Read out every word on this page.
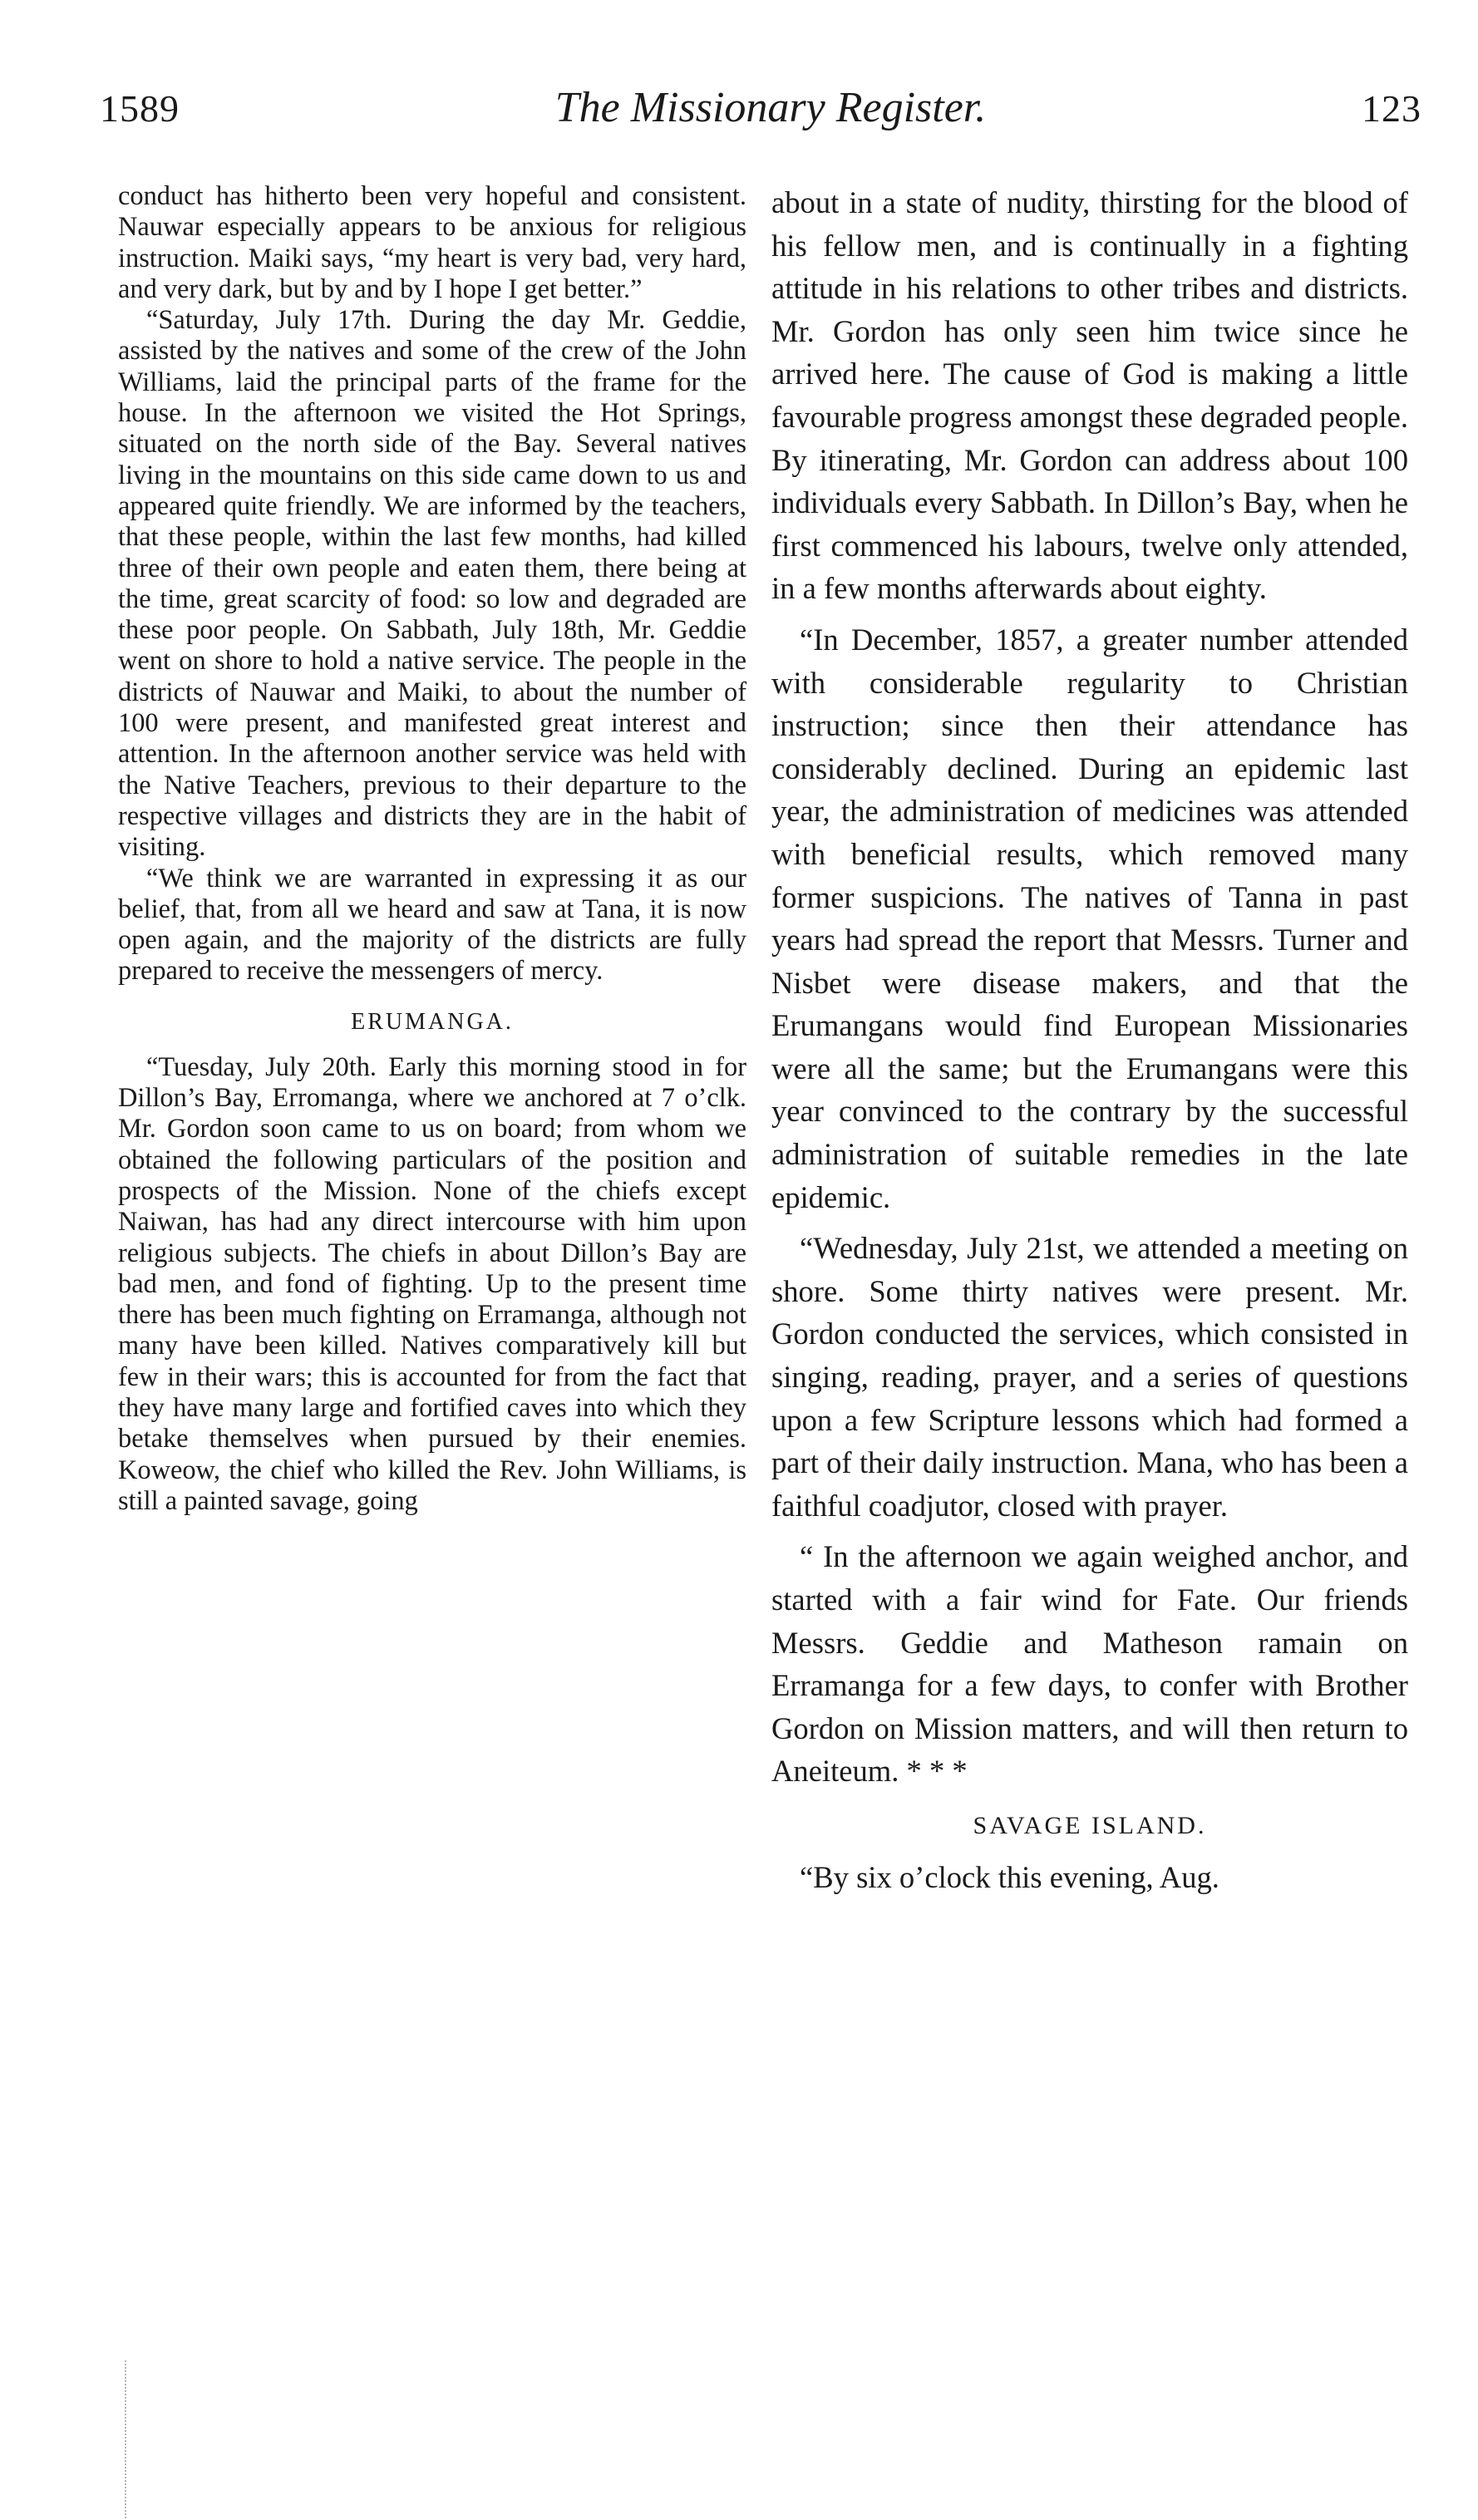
1589	The Missionary Register.	123

conduct has hitherto been very hopeful and consistent. Nauwar especially appears to be anxious for religious instruction. Maiki says, “my heart is very bad, very hard, and very dark, but by and by I hope I get better.”

“Saturday, July 17th. During the day Mr. Geddie, assisted by the natives and some of the crew of the John Williams, laid the principal parts of the frame for the house. In the afternoon we visited the Hot Springs, situated on the north side of the Bay. Several natives living in the mountains on this side came down to us and appeared quite friendly. We are informed by the teachers, that these people, within the last few months, had killed three of their own people and eaten them, there being at the time, great scarcity of food: so low and degraded are these poor people. On Sabbath, July 18th, Mr. Geddie went on shore to hold a native service. The people in the districts of Nauwar and Maiki, to about the number of 100 were present, and manifested great interest and attention. In the afternoon another service was held with the Native Teachers, previous to their departure to the respective villages and districts they are in the habit of visiting.

“We think we are warranted in expressing it as our belief, that, from all we heard and saw at Tana, it is now open again, and the majority of the districts are fully prepared to receive the messengers of mercy.

ERUMANGA.

“Tuesday, July 20th. Early this morning stood in for Dillon’s Bay, Erromanga, where we anchored at 7 o’clk. Mr. Gordon soon came to us on board; from whom we obtained the following particulars of the position and prospects of the Mission. None of the chiefs except Naiwan, has had any direct intercourse with him upon religious subjects. The chiefs in about Dillon’s Bay are bad men, and fond of fighting. Up to the present time there has been much fighting on Erramanga, although not many have been killed. Natives comparatively kill but few in their wars; this is accounted for from the fact that they have many large and fortified caves into which they betake themselves when pursued by their enemies. Koweow, the chief who killed the Rev. John Williams, is still a painted savage, going

about in a state of nudity, thirsting for the blood of his fellow men, and is continually in a fighting attitude in his relations to other tribes and districts. Mr. Gordon has only seen him twice since he arrived here. The cause of God is making a little favourable progress amongst these degraded people. By itinerating, Mr. Gordon can address about 100 individuals every Sabbath. In Dillon’s Bay, when he first commenced his labours, twelve only attended, in a few months afterwards about eighty.

“In December, 1857, a greater number attended with considerable regularity to Christian instruction; since then their attendance has considerably declined. During an epidemic last year, the administration of medicines was attended with beneficial results, which removed many former suspicions. The natives of Tanna in past years had spread the report that Messrs. Turner and Nisbet were disease makers, and that the Erumangans would find European Missionaries were all the same; but the Erumangans were this year convinced to the contrary by the successful administration of suitable remedies in the late epidemic.

“Wednesday, July 21st, we attended a meeting on shore. Some thirty natives were present. Mr. Gordon conducted the services, which consisted in singing, reading, prayer, and a series of questions upon a few Scripture lessons which had formed a part of their daily instruction. Mana, who has been a faithful coadjutor, closed with prayer.

“ In the afternoon we again weighed anchor, and started with a fair wind for Fate. Our friends Messrs. Geddie and Matheson ramain on Erramanga for a few days, to confer with Brother Gordon on Mission matters, and will then return to Aneiteum. * * *

SAVAGE ISLAND.

“By six o’clock this evening, Aug.
